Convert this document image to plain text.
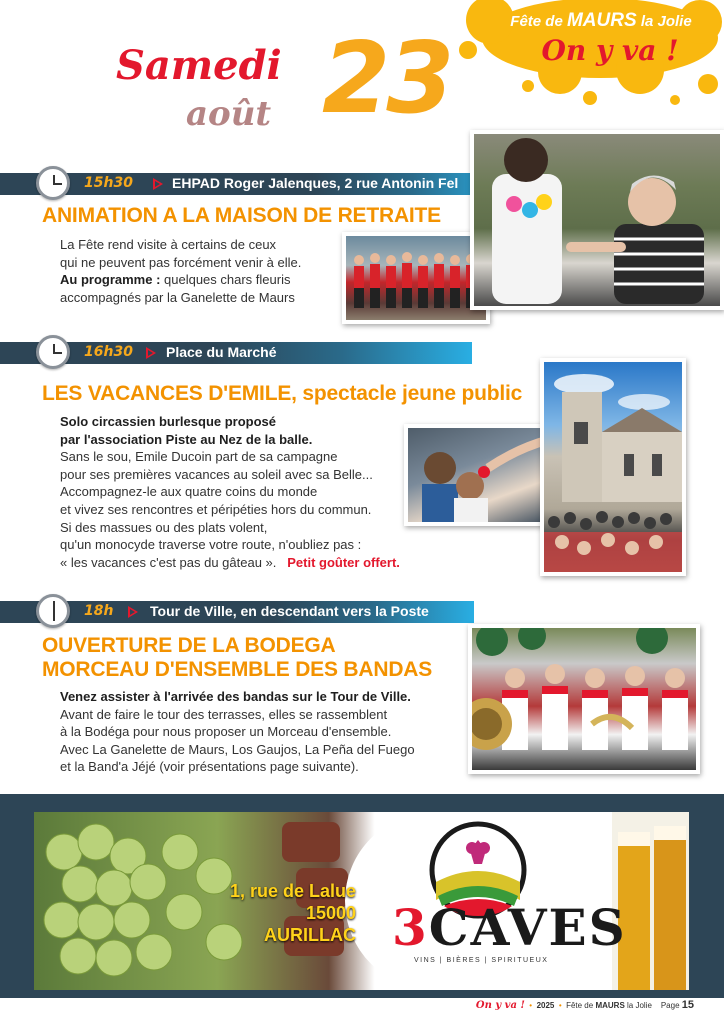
Fête de MAURS la Jolie
On y va !
Samedi
août 23
15h30	EHPAD Roger Jalenques, 2 rue Antonin Fel
ANIMATION A LA MAISON DE RETRAITE
La Fête rend visite à certains de ceux
qui ne peuvent pas forcément venir à elle.
Au programme : quelques chars fleuris
accompagnés par la Ganelette de Maurs
16h30 Place du Marché
LES VACANCES D'EMILE, spectacle jeune public
Solo circassien burlesque proposé
par l'association Piste au Nez de la balle.
Sans le sou, Emile Ducoin part de sa campagne
pour ses premières vacances au soleil avec sa Belle...
Accompagnez-le aux quatre coins du monde
et vivez ses rencontres et péripéties hors du commun.
Si des massues ou des plats volent,
qu'un monocyde traverse votre route, n'oubliez pas :
« les vacances c'est pas du gâteau ». Petit goûter offert.
18h	Tour de Ville, en descendant vers la Poste
OUVERTURE DE LA BODEGA
MORCEAU D'ENSEMBLE DES BANDAS
Venez assister à l'arrivée des bandas sur le Tour de Ville.
Avant de faire le tour des terrasses, elles se rassemblent
à la Bodéga pour nous proposer un Morceau d'ensemble.
Avec La Ganelette de Maurs, Los Gaujos, La Peña del Fuego
et la Band'a Jéjé (voir présentations page suivante).
1, rue de Lalue
15000
AURILLAC 3CAVES
VINS | BIÈRES | SPIRITUEUX
On y va ! • 2025 • Fête de MAURS la Jolie Page 15
